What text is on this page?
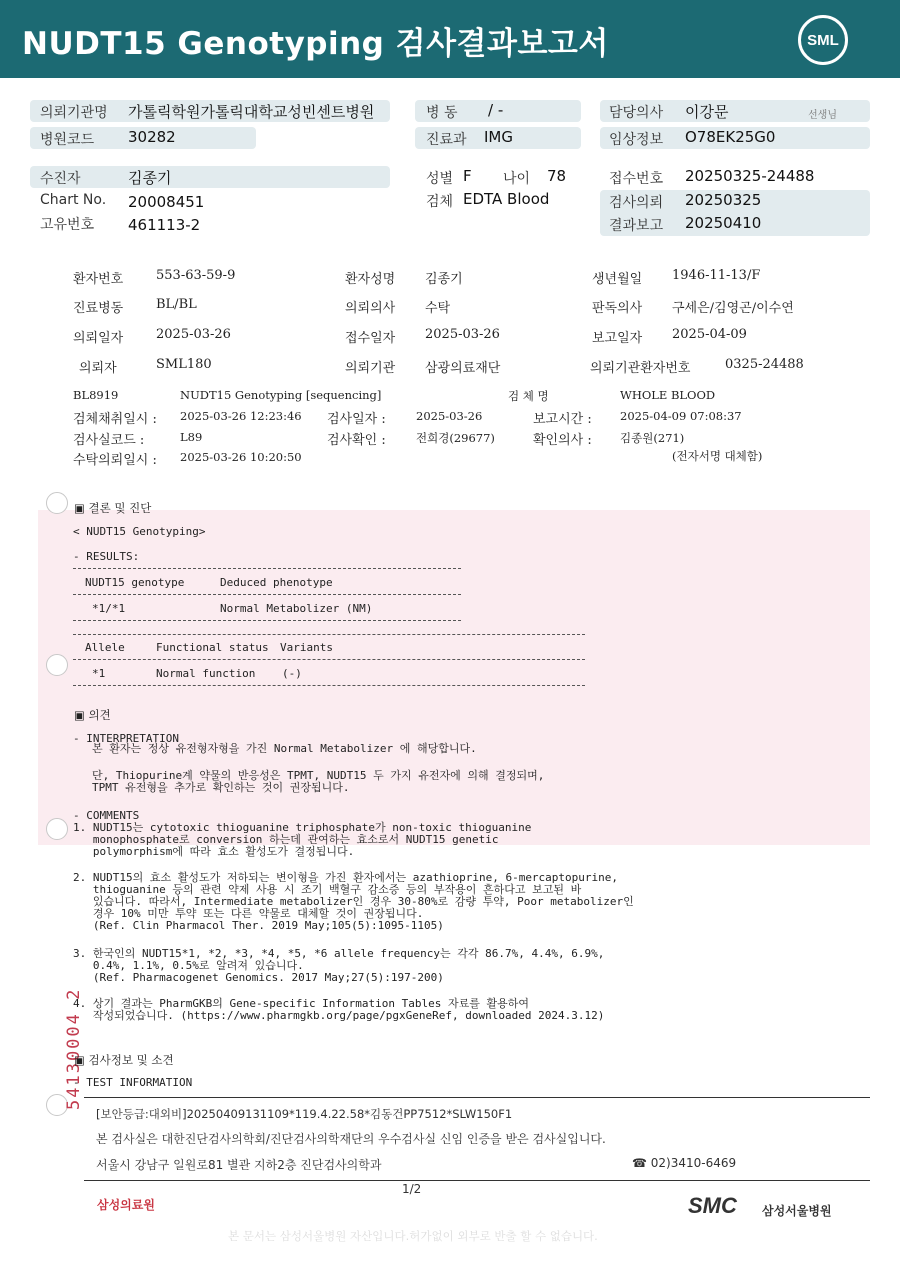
NUDT15 Genotyping 검사결과보고서	SML
의뢰기관명 가톨릭학원가톨릭대학교성빈센트병원
병원코드 30282
병 동 / -
진료과 IMG
담당의사 이강문	선생님
임상정보 O78EK25G0
수진자	김종기
Chart No. 20008451
고유번호 461113-2
성별 F 나이 78
검체 EDTA Blood
접수번호 20250325-24488
검사의뢰 20250325
결과보고 20250410
환자번호	553-63-59-9	환자성명 김종기	생년월일 1946-11-13/F
진료병동	BL/BL	의뢰의사 수탁	판독의사 구세은/김영곤/이수연
의뢰일자	2025-03-26	접수일자 2025-03-26	보고일자 2025-04-09
의뢰자	SML180	의뢰기관 삼광의료재단	의뢰기관환자번호	0325-24488
BL8919	NUDT15 Genotyping [sequencing]	검 체 명	WHOLE BLOOD
검체채취일시 : 2025-03-26 12:23:46 검사일자 :	2025-03-26	보고시간 : 2025-04-09 07:08:37
검사실코드 :	L89	검사확인 :	전희경(29677)	확인의사 : 김종원(271)
수탁의뢰일시 : 2025-03-26 10:20:50	(전자서명 대체함)
▣ 결론 및 진단
< NUDT15 Genotyping>
- RESULTS:
NUDT15 genotype	Deduced phenotype
*1/*1	Normal Metabolizer (NM)
Allele	Functional status Variants
*1	Normal function (-)
▣ 의견
- INTERPRETATION
본 환자는 정상 유전형자형을 가진 Normal Metabolizer 에 해당합니다.
단, Thiopurine계 약물의 반응성은 TPMT, NUDT15 두 가지 유전자에 의해 결정되며,
TPMT 유전형을 추가로 확인하는 것이 권장됩니다.
- COMMENTS
1. NUDT15는 cytotoxic thioguanine triphosphate가 non-toxic thioguanine
monophosphate로 conversion 하는데 관여하는 효소로서 NUDT15 genetic
polymorphism에 따라 효소 활성도가 결정됩니다.
2. NUDT15의 효소 활성도가 저하되는 변이형을 가진 환자에서는 azathioprine, 6-mercaptopurine,
thioguanine 등의 관련 약제 사용 시 조기 백혈구 감소증 등의 부작용이 흔하다고 보고된 바
있습니다. 따라서, Intermediate metabolizer인 경우 30-80%로 감량 투약, Poor metabolizer인
경우 10% 미만 투약 또는 다른 약물로 대체할 것이 권장됩니다.
(Ref. Clin Pharmacol Ther. 2019 May;105(5):1095-1105)
3. 한국인의 NUDT15*1, *2, *3, *4, *5, *6 allele frequency는 각각 86.7%, 4.4%, 6.9%,
0.4%, 1.1%, 0.5%로 알려져 있습니다.
(Ref. Pharmacogenet Genomics. 2017 May;27(5):197-200)
4. 상기 결과는 PharmGKB의 Gene-specific Information Tables 자료를 활용하여
작성되었습니다. (https://www.pharmgkb.org/page/pgxGeneRef, downloaded 2024.3.12)
54130004 2
▣ 검사정보 및 소견
- TEST INFORMATION
[보안등급:대외비]20250409131109*119.4.22.58*김동건PP7512*SLW150F1
본 검사실은 대한진단검사의학회/진단검사의학재단의 우수검사실 신임 인증을 받은 검사실입니다.
서울시 강남구 일원로81 별관 지하2층 진단검사의학과	☎ 02)3410-6469
1/2
삼성의료원	SMC 삼성서울병원
본 문서는 삼성서울병원 자산입니다.허가없이 외부로 반출 할 수 없습니다.
